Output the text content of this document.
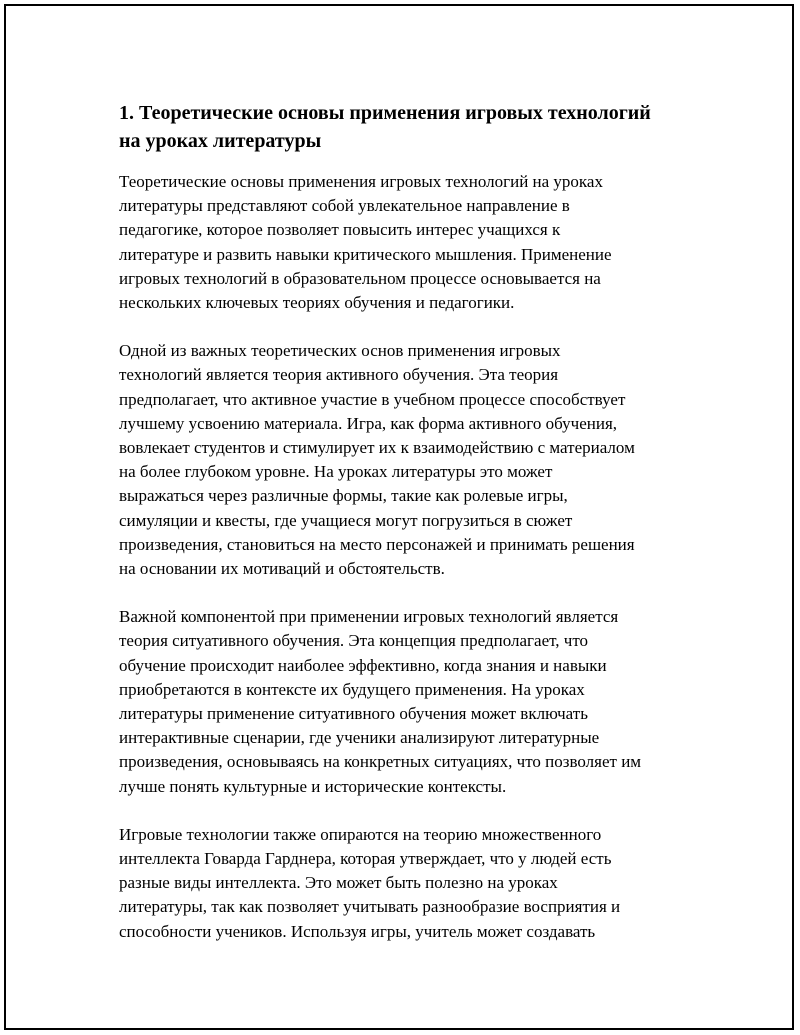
1. Теоретические основы применения игровых технологий
на уроках литературы

Теоретические основы применения игровых технологий на уроках
литературы представляют собой увлекательное направление в
педагогике, которое позволяет повысить интерес учащихся к
литературе и развить навыки критического мышления. Применение
игровых технологий в образовательном процессе основывается на
нескольких ключевых теориях обучения и педагогики.

Одной из важных теоретических основ применения игровых
технологий является теория активного обучения. Эта теория
предполагает, что активное участие в учебном процессе способствует
лучшему усвоению материала. Игра, как форма активного обучения,
вовлекает студентов и стимулирует их к взаимодействию с материалом
на более глубоком уровне. На уроках литературы это может
выражаться через различные формы, такие как ролевые игры,
симуляции и квесты, где учащиеся могут погрузиться в сюжет
произведения, становиться на место персонажей и принимать решения
на основании их мотиваций и обстоятельств.

Важной компонентой при применении игровых технологий является
теория ситуативного обучения. Эта концепция предполагает, что
обучение происходит наиболее эффективно, когда знания и навыки
приобретаются в контексте их будущего применения. На уроках
литературы применение ситуативного обучения может включать
интерактивные сценарии, где ученики анализируют литературные
произведения, основываясь на конкретных ситуациях, что позволяет им
лучше понять культурные и исторические контексты.

Игровые технологии также опираются на теорию множественного
интеллекта Говарда Гарднера, которая утверждает, что у людей есть
разные виды интеллекта. Это может быть полезно на уроках
литературы, так как позволяет учитывать разнообразие восприятия и
способности учеников. Используя игры, учитель может создавать
